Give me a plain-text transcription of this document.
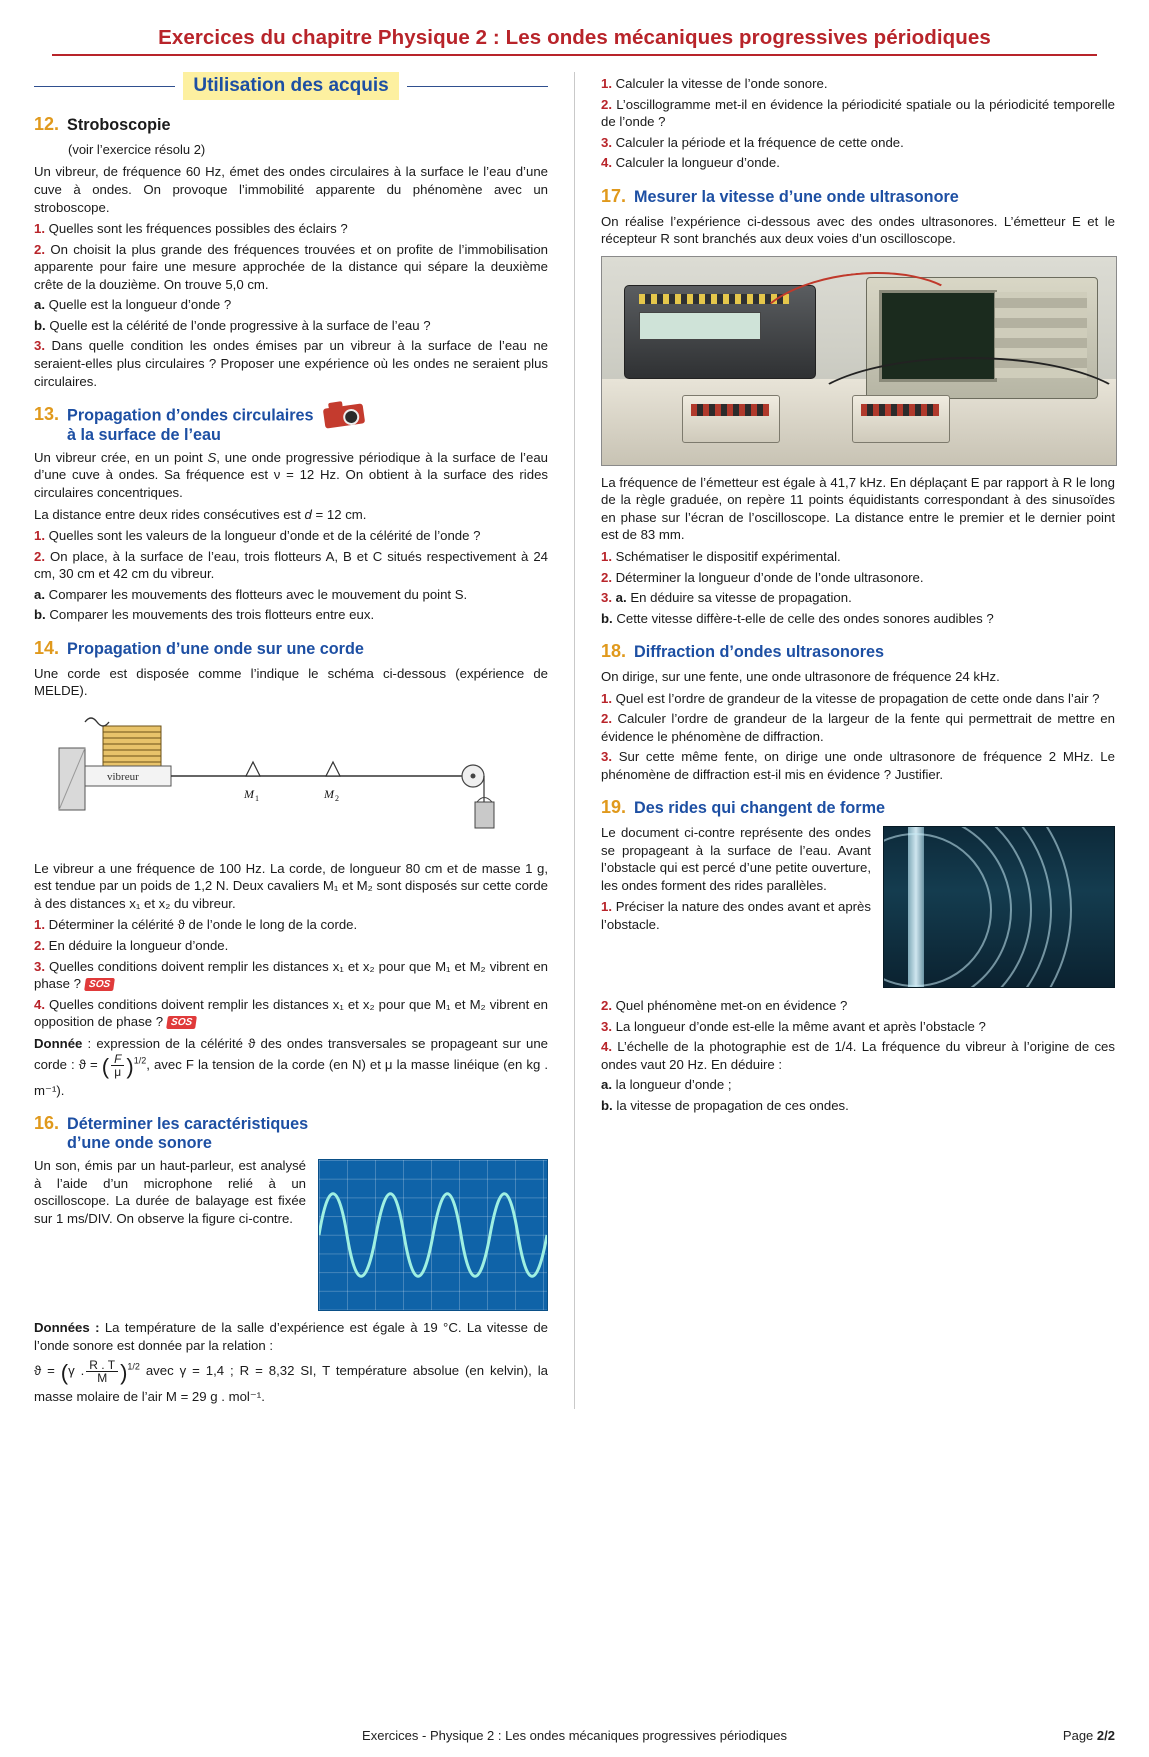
Exercices du chapitre Physique 2 : Les ondes mécaniques progressives périodiques
Utilisation des acquis
12. Stroboscopie
(voir l’exercice résolu 2)

Un vibreur, de fréquence 60 Hz, émet des ondes circulaires à la surface le l’eau d’une cuve à ondes. On provoque l’immobilité apparente du phénomène avec un stroboscope.

1. Quelles sont les fréquences possibles des éclairs ?

2. On choisit la plus grande des fréquences trouvées et on profite de l’immobilisation apparente pour faire une mesure approchée de la distance qui sépare la deuxième crête de la douzième. On trouve 5,0 cm.

a. Quelle est la longueur d’onde ?

b. Quelle est la célérité de l’onde progressive à la surface de l’eau ?

3. Dans quelle condition les ondes émises par un vibreur à la surface de l’eau ne seraient-elles plus circulaires ? Proposer une expérience où les ondes ne seraient plus circulaires.

13. Propagation d’ondes circulaires
à la surface de l’eau

Un vibreur crée, en un point S, une onde progressive périodique à la surface de l’eau d’une cuve à ondes. Sa fréquence est ν = 12 Hz. On obtient à la surface des rides circulaires concentriques.

La distance entre deux rides consécutives est d = 12 cm.

1. Quelles sont les valeurs de la longueur d’onde et de la célérité de l’onde ?

2. On place, à la surface de l’eau, trois flotteurs A, B et C situés respectivement à 24 cm, 30 cm et 42 cm du vibreur.

a. Comparer les mouvements des flotteurs avec le mouvement du point S.

b. Comparer les mouvements des trois flotteurs entre eux.

14. Propagation d’une onde sur une corde

Une corde est disposée comme l’indique le schéma ci-dessous (expérience de MELDE).

vibreur
M 1	M 2

Le vibreur a une fréquence de 100 Hz. La corde, de longueur 80 cm et de masse 1 g, est tendue par un poids de 1,2 N. Deux cavaliers M₁ et M₂ sont disposés sur cette corde à des distances x₁ et x₂ du vibreur.

1. Déterminer la célérité ϑ de l’onde le long de la corde.

2. En déduire la longueur d’onde.

3. Quelles conditions doivent remplir les distances x₁ et x₂ pour que M₁ et M₂ vibrent en phase ? SOS

4. Quelles conditions doivent remplir les distances x₁ et x₂ pour que M₁ et M₂ vibrent en opposition de phase ? SOS

Donnée : expression de la célérité ϑ des ondes transversales se propageant sur une corde : ϑ = ( $\frac{F}{\mu} )^{1/2}$, avec F la tension de la corde (en N) et μ la masse linéique (en kg . m⁻¹).

16. Déterminer les caractéristiques
d’une onde sonore

Un son, émis par un haut-parleur, est analysé à l’aide d’un microphone relié à un oscilloscope. La durée de balayage est fixée sur 1 ms/DIV. On observe la figure ci-contre.

Données : La température de la salle d’expérience est égale à 19 °C. La vitesse de l’onde sonore est donnée par la relation :

ϑ = (γ . $\frac{R . T}{M} )^{1/2}$ avec γ = 1,4 ; R = 8,32 SI, T température absolue (en kelvin), la masse molaire de l’air M = 29 g . mol⁻¹.

1. Calculer la vitesse de l’onde sonore.

2. L’oscillogramme met-il en évidence la périodicité spatiale ou la périodicité temporelle de l’onde ?

3. Calculer la période et la fréquence de cette onde.

4. Calculer la longueur d’onde.

17. Mesurer la vitesse d’une onde ultrasonore

On réalise l’expérience ci-dessous avec des ondes ultrasonores. L’émetteur E et le récepteur R sont branchés aux deux voies d’un oscilloscope.

La fréquence de l’émetteur est égale à 41,7 kHz. En déplaçant E par rapport à R le long de la règle graduée, on repère 11 points équidistants correspondant à des sinusoïdes en phase sur l’écran de l’oscilloscope. La distance entre le premier et le dernier point est de 83 mm.

1. Schématiser le dispositif expérimental.

2. Déterminer la longueur d’onde de l’onde ultrasonore.

3. a. En déduire sa vitesse de propagation.

b. Cette vitesse diffère-t-elle de celle des ondes sonores audibles ?

18. Diffraction d’ondes ultrasonores

On dirige, sur une fente, une onde ultrasonore de fréquence 24 kHz.

1. Quel est l’ordre de grandeur de la vitesse de propagation de cette onde dans l’air ?

2. Calculer l’ordre de grandeur de la largeur de la fente qui permettrait de mettre en évidence le phénomène de diffraction.

3. Sur cette même fente, on dirige une onde ultrasonore de fréquence 2 MHz. Le phénomène de diffraction est-il mis en évidence ? Justifier.

19. Des rides qui changent de forme

Le document ci-contre représente des ondes se propageant à la surface de l’eau. Avant l’obstacle qui est percé d’une petite ouverture, les ondes forment des rides parallèles.

1. Préciser la nature des ondes avant et après l’obstacle.

2. Quel phénomène met-on en évidence ?

3. La longueur d’onde est-elle la même avant et après l’obstacle ?

4. L’échelle de la photographie est de 1/4. La fréquence du vibreur à l’origine de ces ondes vaut 20 Hz. En déduire :

a. la longueur d’onde ;

b. la vitesse de propagation de ces ondes.

Exercices - Physique 2 : Les ondes mécaniques progressives périodiques	Page 2/2
